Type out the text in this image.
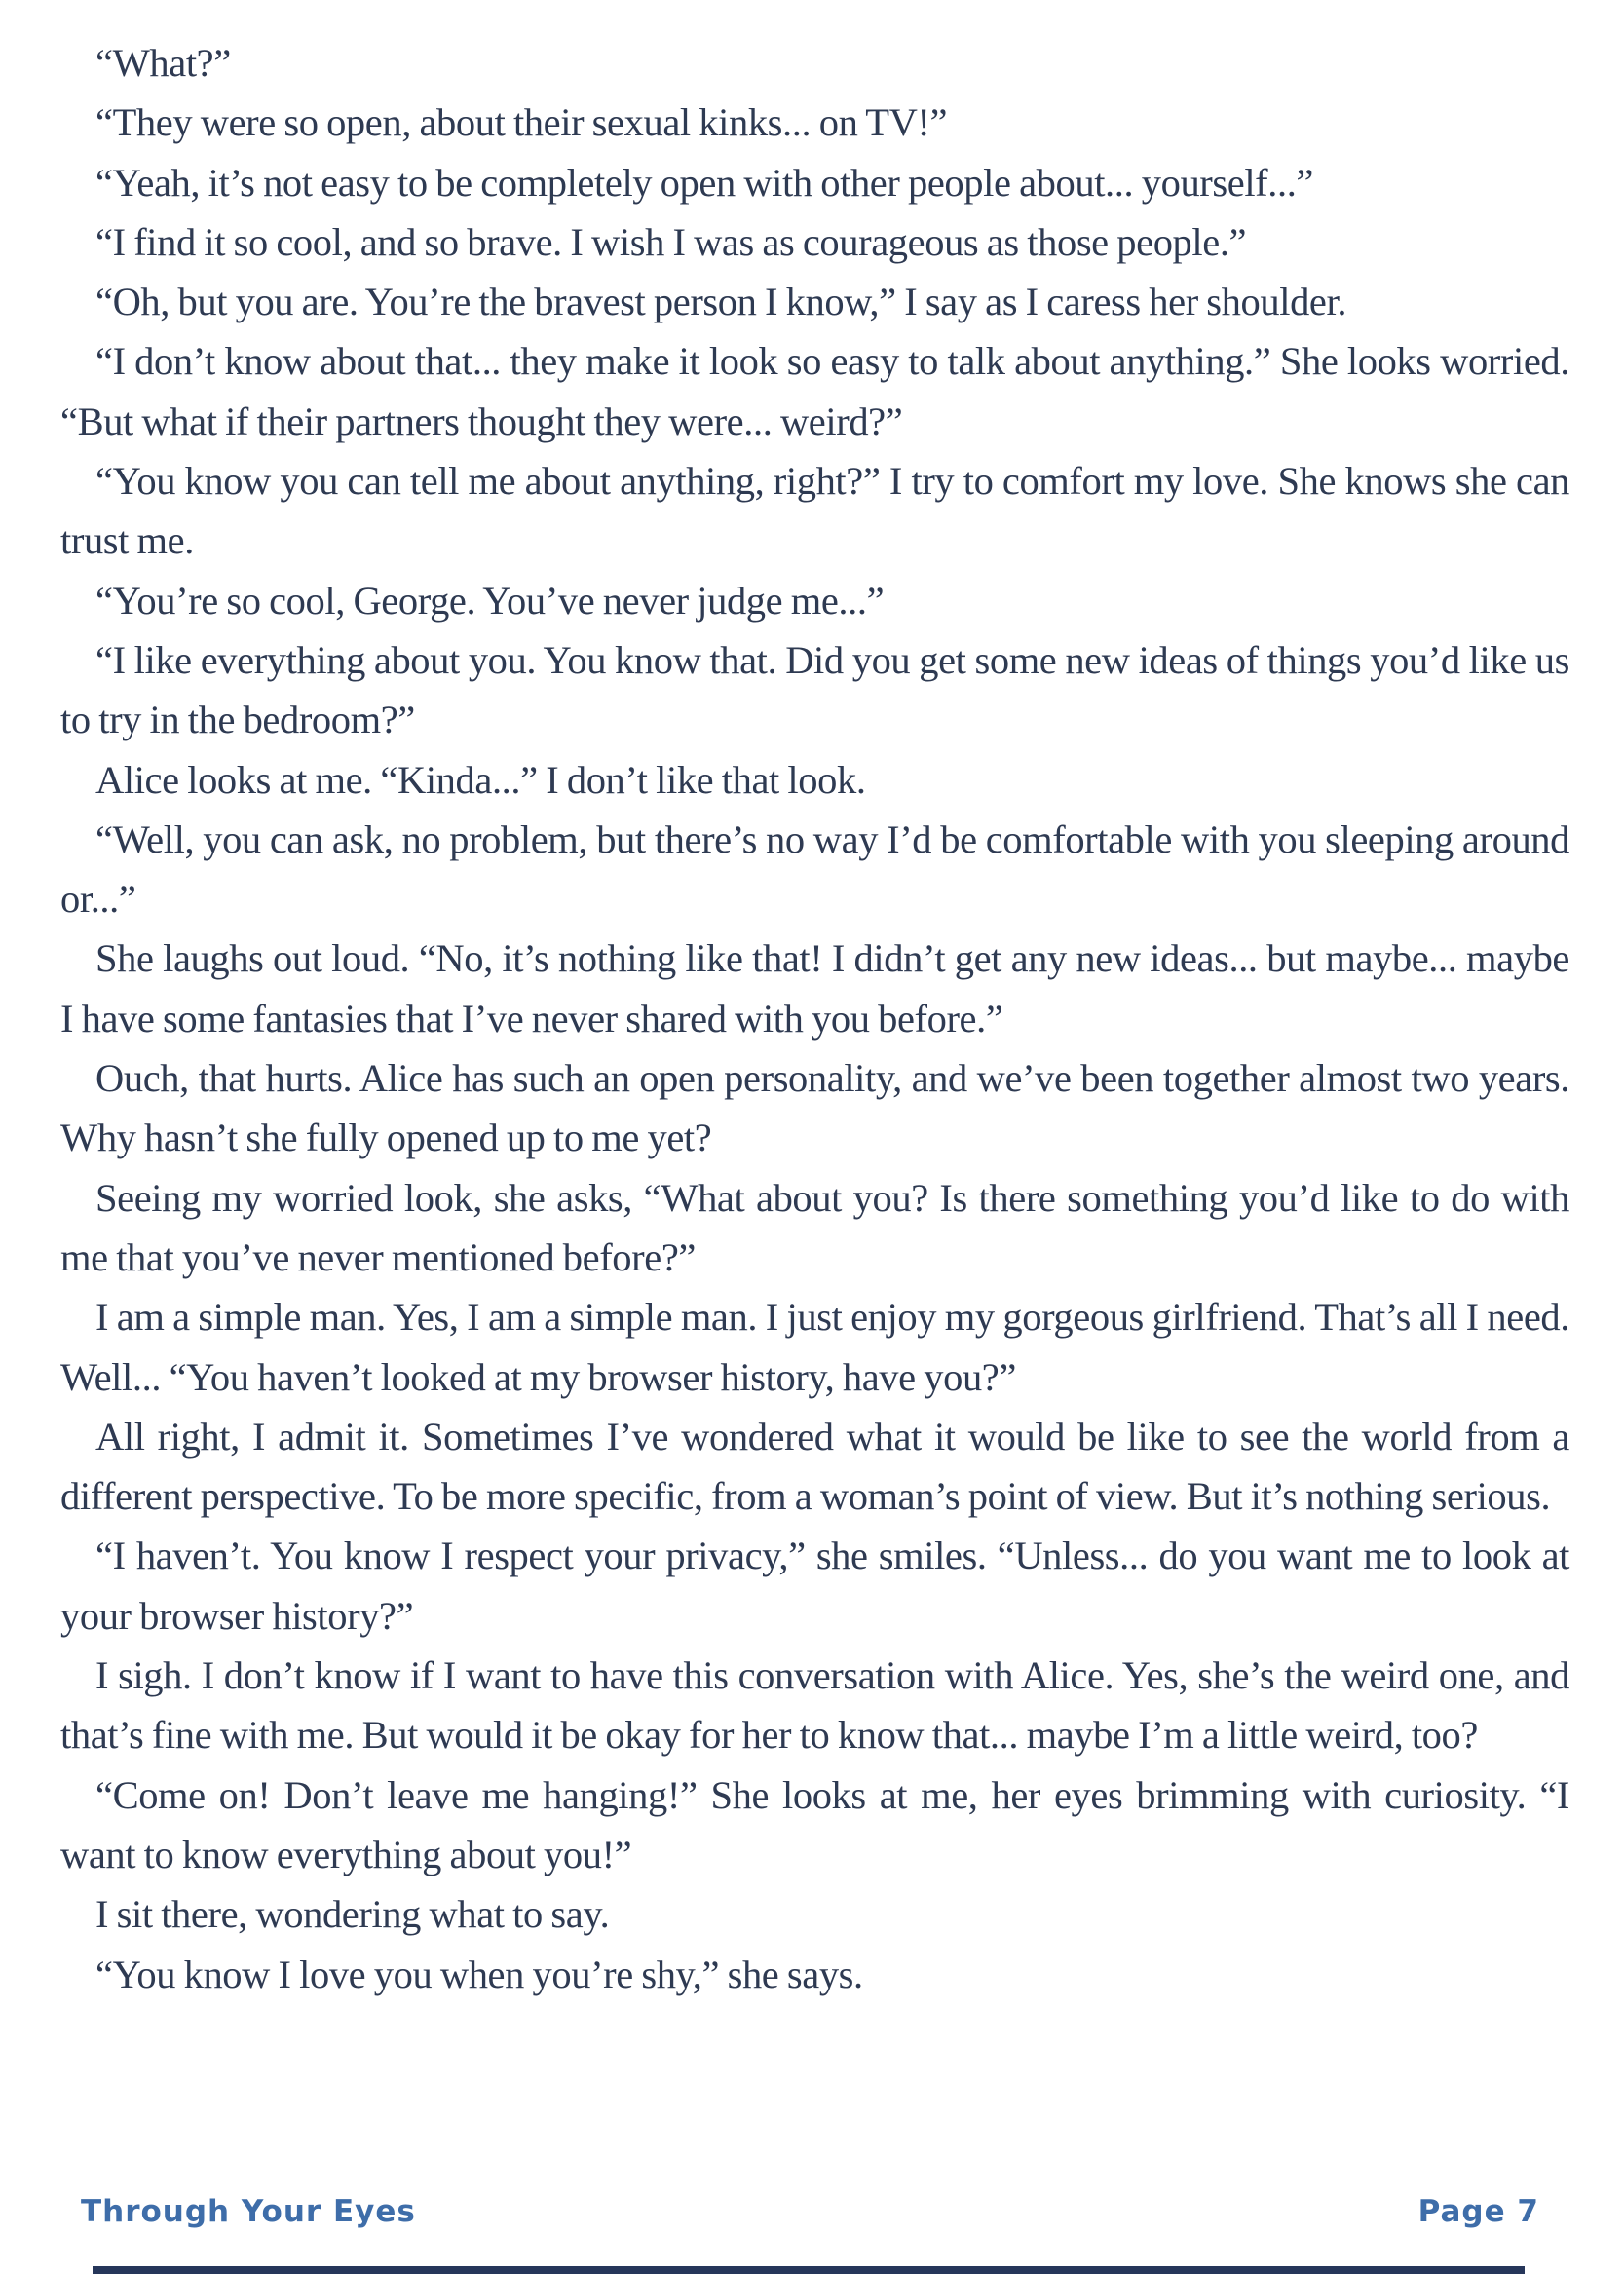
“What?”

“They were so open, about their sexual kinks... on TV!”

“Yeah, it’s not easy to be completely open with other people about... yourself...”

“I find it so cool, and so brave. I wish I was as courageous as those people.”

“Oh, but you are. You’re the bravest person I know,” I say as I caress her shoulder.

“I don’t know about that... they make it look so easy to talk about anything.” She looks worried. “But what if their partners thought they were... weird?”

“You know you can tell me about anything, right?” I try to comfort my love. She knows she can trust me.

“You’re so cool, George. You’ve never judge me...”

“I like everything about you. You know that. Did you get some new ideas of things you’d like us to try in the bedroom?”

Alice looks at me. “Kinda...” I don’t like that look.

“Well, you can ask, no problem, but there’s no way I’d be comfortable with you sleeping around or...”

She laughs out loud. “No, it’s nothing like that! I didn’t get any new ideas... but maybe... maybe I have some fantasies that I’ve never shared with you before.”

Ouch, that hurts. Alice has such an open personality, and we’ve been together almost two years. Why hasn’t she fully opened up to me yet?

Seeing my worried look, she asks, “What about you? Is there something you’d like to do with me that you’ve never mentioned before?”

I am a simple man. Yes, I am a simple man. I just enjoy my gorgeous girlfriend. That’s all I need. Well... “You haven’t looked at my browser history, have you?”

All right, I admit it. Sometimes I’ve wondered what it would be like to see the world from a different perspective. To be more specific, from a woman’s point of view. But it’s nothing serious.

“I haven’t. You know I respect your privacy,” she smiles. “Unless... do you want me to look at your browser history?”

I sigh. I don’t know if I want to have this conversation with Alice. Yes, she’s the weird one, and that’s fine with me. But would it be okay for her to know that... maybe I’m a little weird, too?

“Come on! Don’t leave me hanging!” She looks at me, her eyes brimming with curiosity. “I want to know everything about you!”

I sit there, wondering what to say.

“You know I love you when you’re shy,” she says.

Through Your Eyes	Page 7
